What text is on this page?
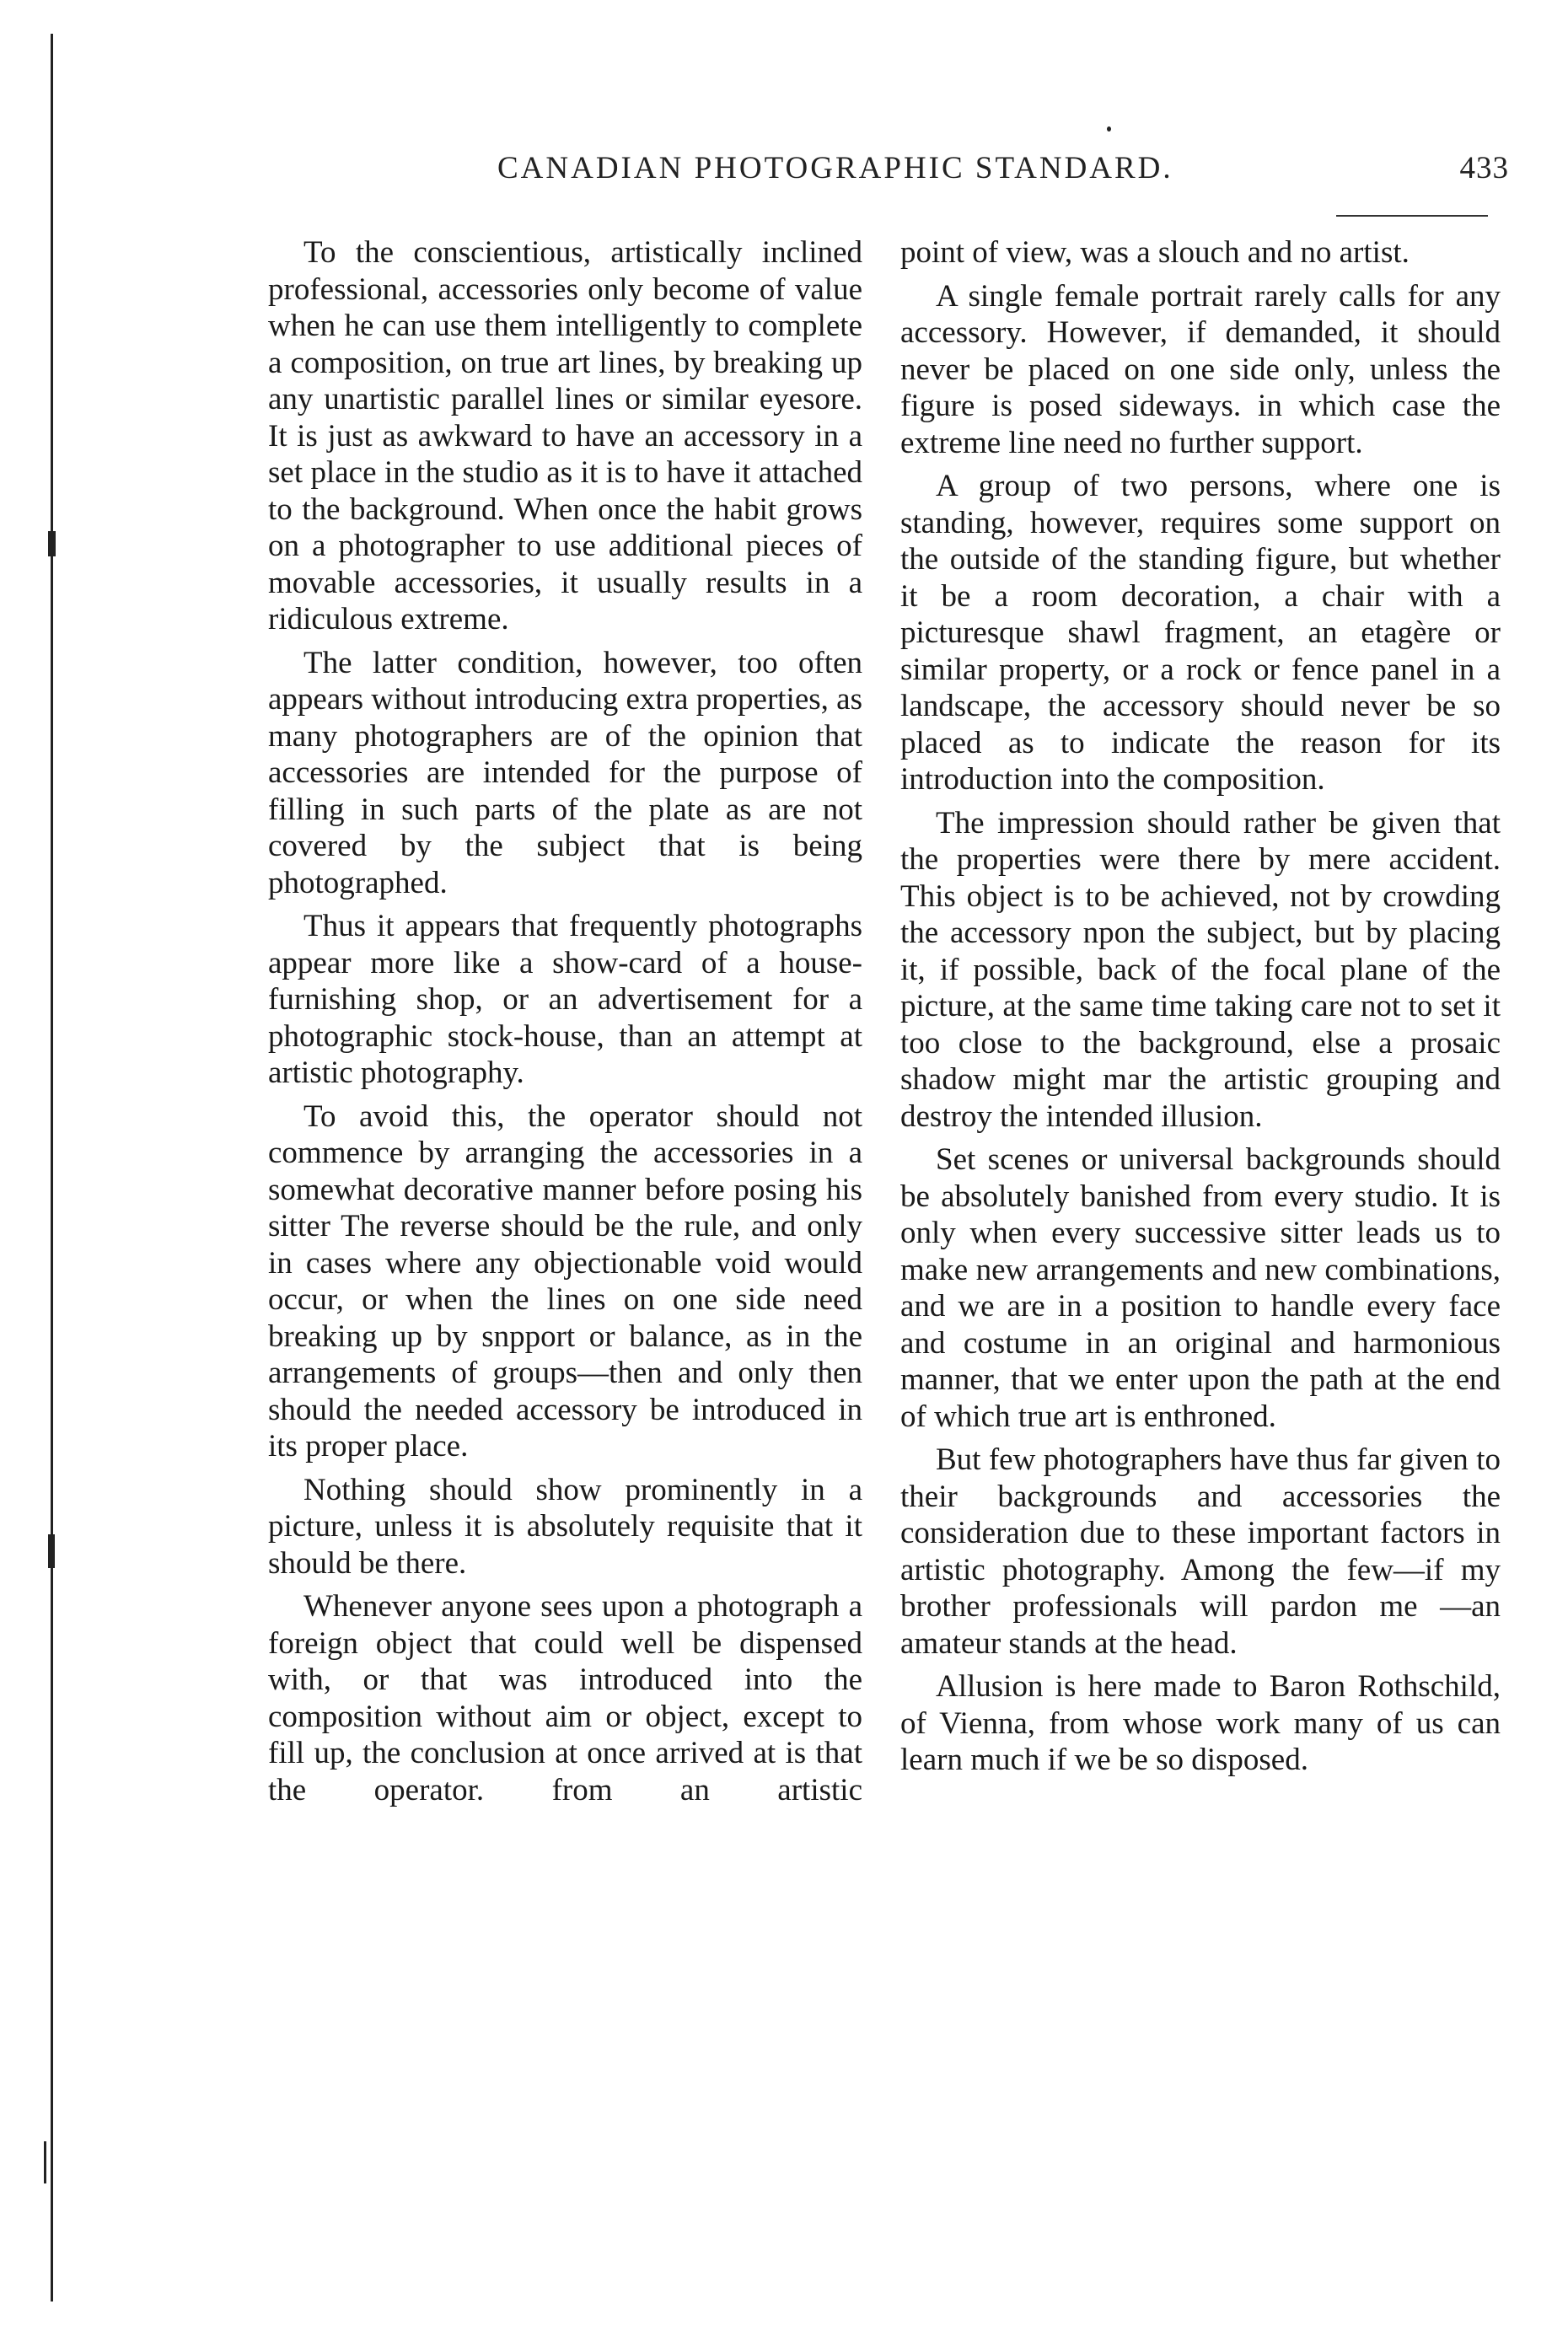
CANADIAN PHOTOGRAPHIC STANDARD.	433

To the conscientious, artistically inclined professional, accessories only become of value when he can use them intelligently to complete a composition, on true art lines, by breaking up any unartistic parallel lines or similar eyesore. It is just as awkward to have an accessory in a set place in the studio as it is to have it attached to the background. When once the habit grows on a photographer to use additional pieces of movable accessories, it usually results in a ridiculous extreme.

The latter condition, however, too often appears without introducing extra properties, as many photographers are of the opinion that accessories are intended for the purpose of filling in such parts of the plate as are not covered by the subject that is being photographed.

Thus it appears that frequently photographs appear more like a show-card of a house-furnishing shop, or an advertisement for a photographic stock-house, than an attempt at artistic photography.

To avoid this, the operator should not commence by arranging the accessories in a somewhat decorative manner before posing his sitter The reverse should be the rule, and only in cases where any objectionable void would occur, or when the lines on one side need breaking up by snpport or balance, as in the arrangements of groups—then and only then should the needed accessory be introduced in its proper place.

Nothing should show prominently in a picture, unless it is absolutely requisite that it should be there.

Whenever anyone sees upon a photograph a foreign object that could well be dispensed with, or that was introduced into the composition without aim or object, except to fill up, the conclusion at once arrived at is that the operator. from an artistic

point of view, was a slouch and no artist.

A single female portrait rarely calls for any accessory. However, if demanded, it should never be placed on one side only, unless the figure is posed sideways. in which case the extreme line need no further support.

A group of two persons, where one is standing, however, requires some support on the outside of the standing figure, but whether it be a room decoration, a chair with a picturesque shawl fragment, an etagère or similar property, or a rock or fence panel in a landscape, the accessory should never be so placed as to indicate the reason for its introduction into the composition.

The impression should rather be given that the properties were there by mere accident. This object is to be achieved, not by crowding the accessory npon the subject, but by placing it, if possible, back of the focal plane of the picture, at the same time taking care not to set it too close to the background, else a prosaic shadow might mar the artistic grouping and destroy the intended illusion.

Set scenes or universal backgrounds should be absolutely banished from every studio. It is only when every successive sitter leads us to make new arrangements and new combinations, and we are in a position to handle every face and costume in an original and harmonious manner, that we enter upon the path at the end of which true art is enthroned.

But few photographers have thus far given to their backgrounds and accessories the consideration due to these important factors in artistic photography. Among the few—if my brother professionals will pardon me —an amateur stands at the head.

Allusion is here made to Baron Rothschild, of Vienna, from whose work many of us can learn much if we be so disposed.
